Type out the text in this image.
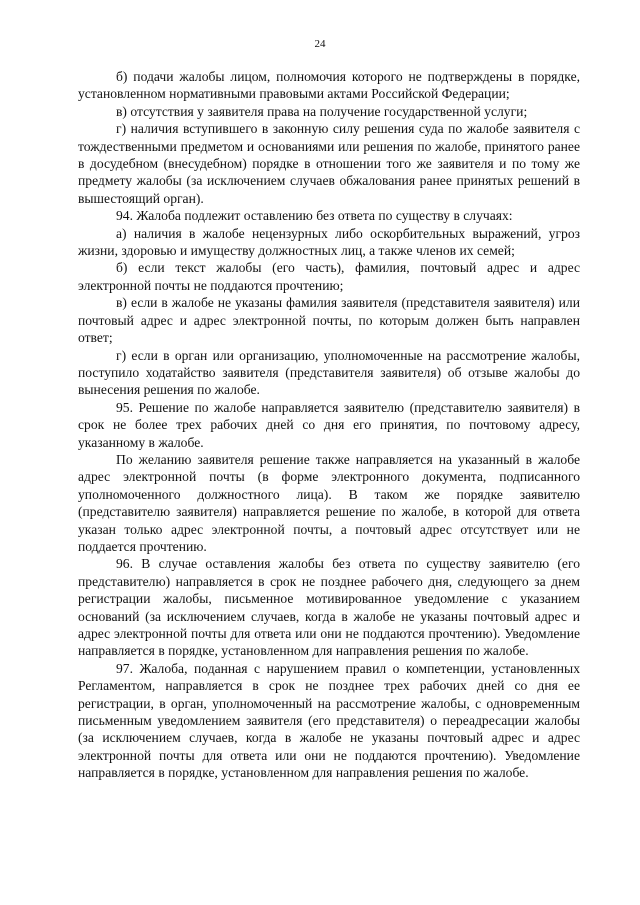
24

б) подачи жалобы лицом, полномочия которого не подтверждены в порядке, установленном нормативными правовыми актами Российской Федерации;

в) отсутствия у заявителя права на получение государственной услуги;

г) наличия вступившего в законную силу решения суда по жалобе заявителя с тождественными предметом и основаниями или решения по жалобе, принятого ранее в досудебном (внесудебном) порядке в отношении того же заявителя и по тому же предмету жалобы (за исключением случаев обжалования ранее принятых решений в вышестоящий орган).

94. Жалоба подлежит оставлению без ответа по существу в случаях:

а) наличия в жалобе нецензурных либо оскорбительных выражений, угроз жизни, здоровью и имуществу должностных лиц, а также членов их семей;

б) если текст жалобы (его часть), фамилия, почтовый адрес и адрес электронной почты не поддаются прочтению;

в) если в жалобе не указаны фамилия заявителя (представителя заявителя) или почтовый адрес и адрес электронной почты, по которым должен быть направлен ответ;

г) если в орган или организацию, уполномоченные на рассмотрение жалобы, поступило ходатайство заявителя (представителя заявителя) об отзыве жалобы до вынесения решения по жалобе.

95. Решение по жалобе направляется заявителю (представителю заявителя) в срок не более трех рабочих дней со дня его принятия, по почтовому адресу, указанному в жалобе.

По желанию заявителя решение также направляется на указанный в жалобе адрес электронной почты (в форме электронного документа, подписанного уполномоченного должностного лица). В таком же порядке заявителю (представителю заявителя) направляется решение по жалобе, в которой для ответа указан только адрес электронной почты, а почтовый адрес отсутствует или не поддается прочтению.

96. В случае оставления жалобы без ответа по существу заявителю (его представителю) направляется в срок не позднее рабочего дня, следующего за днем регистрации жалобы, письменное мотивированное уведомление с указанием оснований (за исключением случаев, когда в жалобе не указаны почтовый адрес и адрес электронной почты для ответа или они не поддаются прочтению). Уведомление направляется в порядке, установленном для направления решения по жалобе.

97. Жалоба, поданная с нарушением правил о компетенции, установленных Регламентом, направляется в срок не позднее трех рабочих дней со дня ее регистрации, в орган, уполномоченный на рассмотрение жалобы, с одновременным письменным уведомлением заявителя (его представителя) о переадресации жалобы (за исключением случаев, когда в жалобе не указаны почтовый адрес и адрес электронной почты для ответа или они не поддаются прочтению). Уведомление направляется в порядке, установленном для направления решения по жалобе.
